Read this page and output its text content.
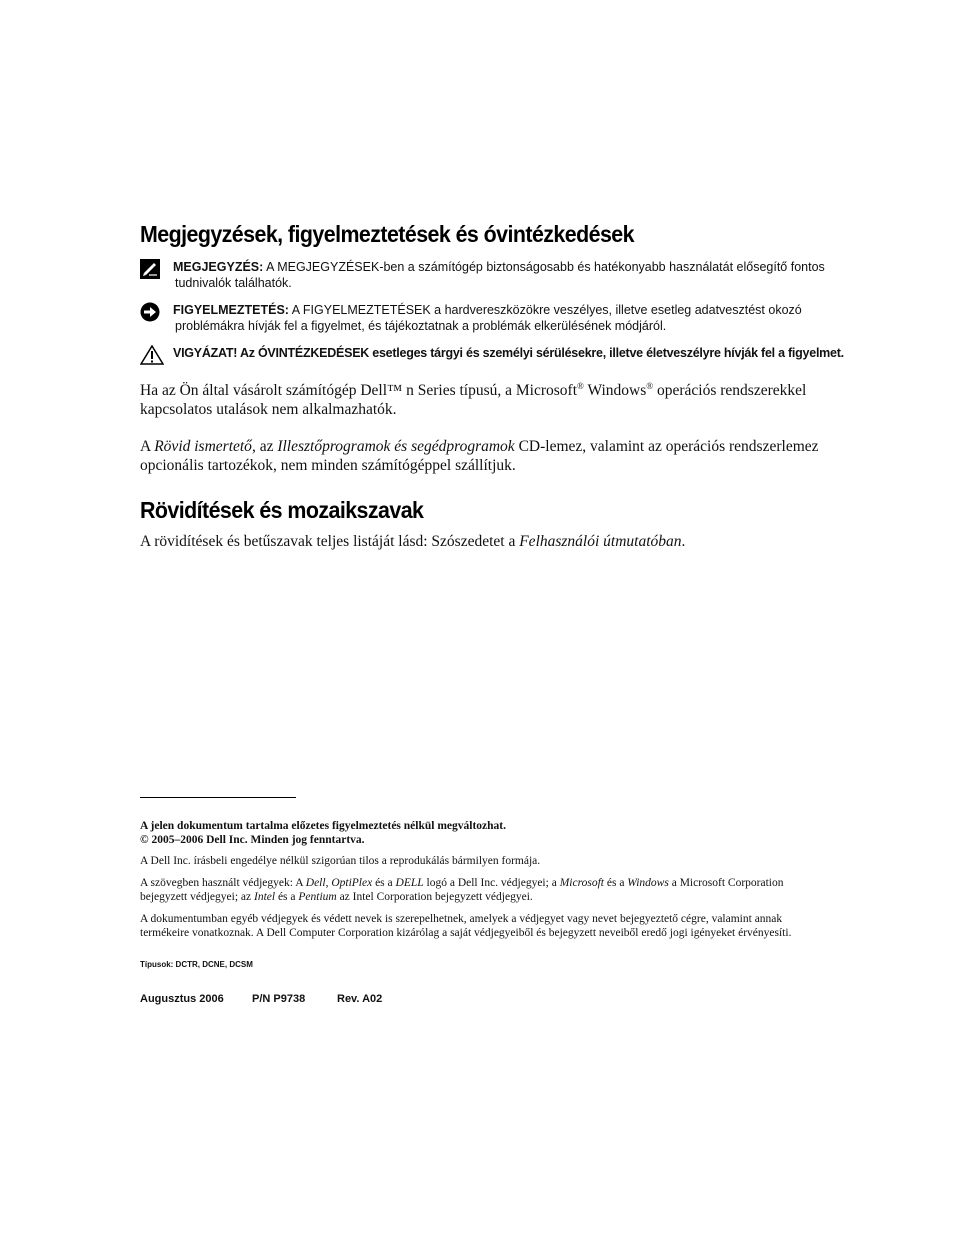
Megjegyzések, figyelmeztetések és óvintézkedések
MEGJEGYZÉS: A MEGJEGYZÉSEK-ben a számítógép biztonságosabb és hatékonyabb használatát elősegítő fontos
tudnivalók találhatók.
FIGYELMEZTETÉS: A FIGYELMEZTETÉSEK a hardvereszközökre veszélyes, illetve esetleg adatvesztést okozó
problémákra hívják fel a figyelmet, és tájékoztatnak a problémák elkerülésének módjáról.
VIGYÁZAT! Az ÓVINTÉZKEDÉSEK esetleges tárgyi és személyi sérülésekre, illetve életveszélyre hívják fel a figyelmet.
Ha az Ön által vásárolt számítógép Dell™ n Series típusú, a Microsoft® Windows® operációs rendszerekkel
kapcsolatos utalások nem alkalmazhatók.
A Rövid ismertető, az Illesztőprogramok és segédprogramok CD-lemez, valamint az operációs rendszerlemez
opcionális tartozékok, nem minden számítógéppel szállítjuk.
Rövidítések és mozaikszavak
A rövidítések és betűszavak teljes listáját lásd: Szószedetet a Felhasználói útmutatóban.
A jelen dokumentum tartalma előzetes figyelmeztetés nélkül megváltozhat.
© 2005–2006 Dell Inc. Minden jog fenntartva.
A Dell Inc. írásbeli engedélye nélkül szigorúan tilos a reprodukálás bármilyen formája.
A szövegben használt védjegyek: A Dell, OptiPlex és a DELL logó a Dell Inc. védjegyei; a Microsoft és a Windows a Microsoft Corporation
bejegyzett védjegyei; az Intel és a Pentium az Intel Corporation bejegyzett védjegyei.
A dokumentumban egyéb védjegyek és védett nevek is szerepelhetnek, amelyek a védjegyet vagy nevet bejegyeztető cégre, valamint annak
termékeire vonatkoznak. A Dell Computer Corporation kizárólag a saját védjegyeiből és bejegyzett neveiből eredő jogi igényeket érvényesíti.
Típusok: DCTR, DCNE, DCSM
Augusztus 2006	P/N P9738	Rev. A02
